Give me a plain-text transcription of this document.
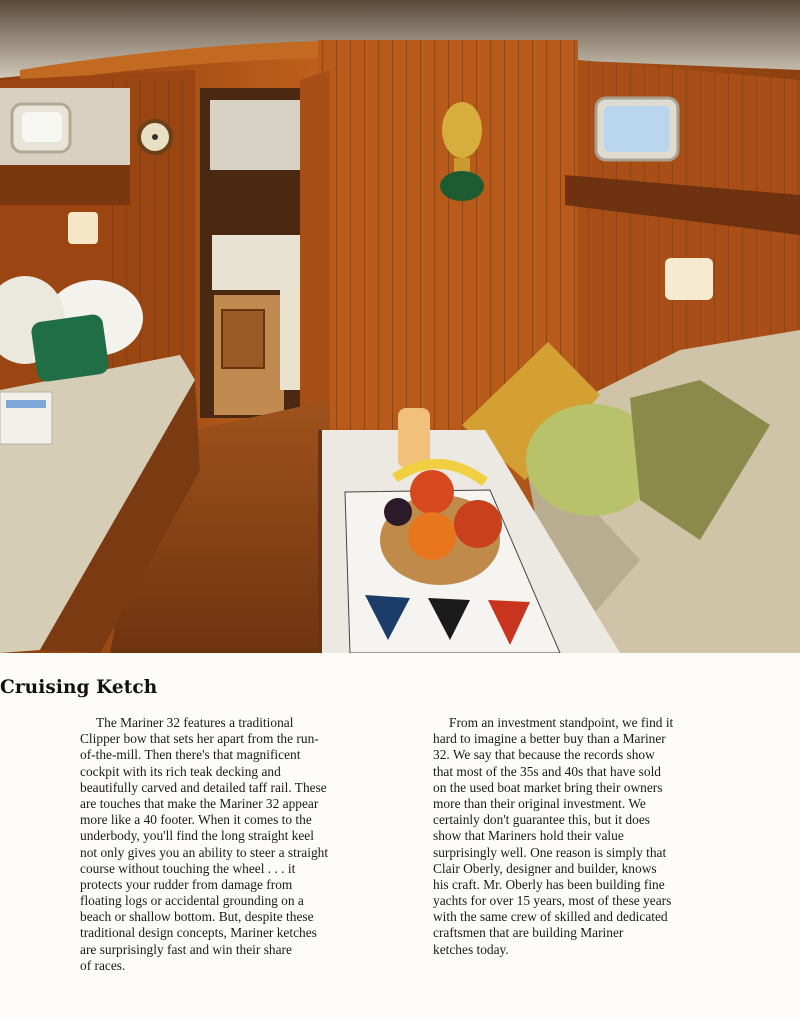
Cruising Ketch
The Mariner 32 features a traditional
Clipper bow that sets her apart from the run-
of-the-mill. Then there's that magnificent
cockpit with its rich teak decking and
beautifully carved and detailed taff rail. These
are touches that make the Mariner 32 appear
more like a 40 footer. When it comes to the
underbody, you'll find the long straight keel
not only gives you an ability to steer a straight
course without touching the wheel . . . it
protects your rudder from damage from
floating logs or accidental grounding on a
beach or shallow bottom. But, despite these
traditional design concepts, Mariner ketches
are surprisingly fast and win their share
of races.
From an investment standpoint, we find it
hard to imagine a better buy than a Mariner
32. We say that because the records show
that most of the 35s and 40s that have sold
on the used boat market bring their owners
more than their original investment. We
certainly don't guarantee this, but it does
show that Mariners hold their value
surprisingly well. One reason is simply that
Clair Oberly, designer and builder, knows
his craft. Mr. Oberly has been building fine
yachts for over 15 years, most of these years
with the same crew of skilled and dedicated
craftsmen that are building Mariner
ketches today.
